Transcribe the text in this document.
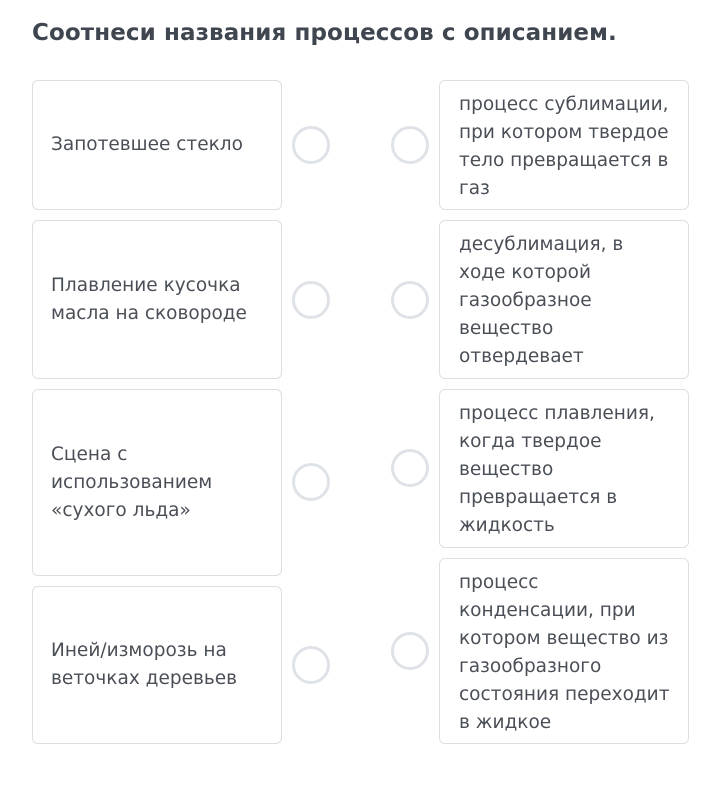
Соотнеси названия процессов с описанием.
Запотевшее стекло
Плавление кусочка масла на сковороде
Сцена с использованием «сухого льда»
Иней/изморозь на веточках деревьев
процесс сублимации, при котором твердое тело превращается в газ
десублимация, в ходе которой газообразное вещество отвердевает
процесс плавления, когда твердое вещество превращается в жидкость
процесс конденсации, при котором вещество из газообразного состояния переходит в жидкое
